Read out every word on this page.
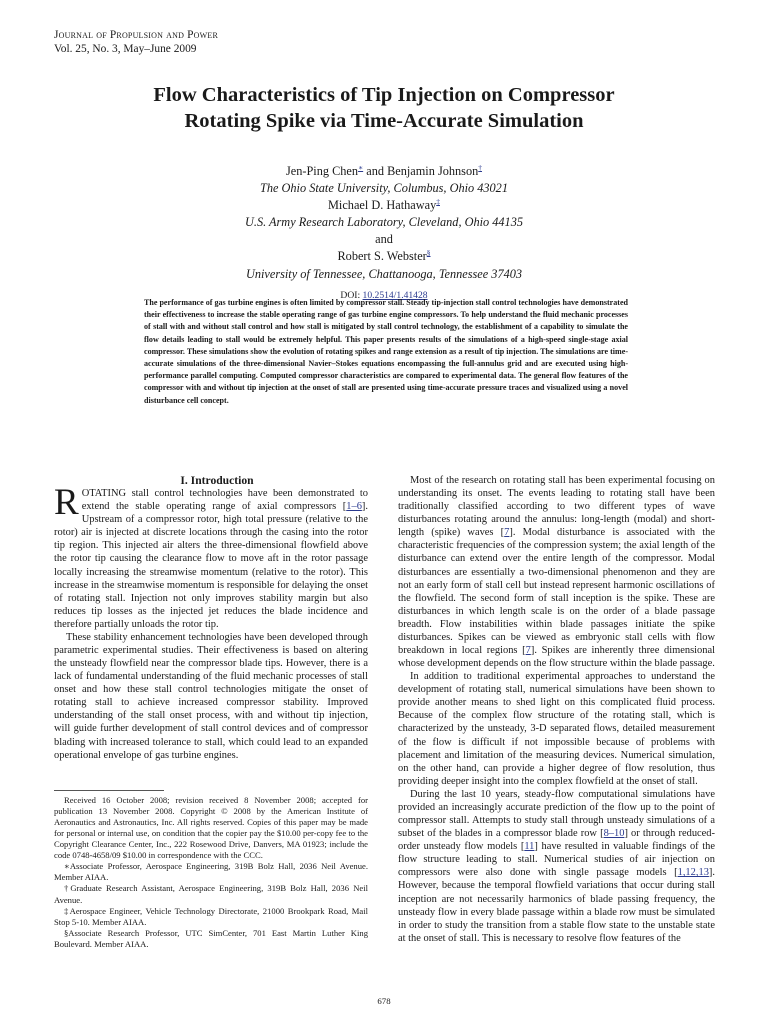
Journal of Propulsion and Power
Vol. 25, No. 3, May–June 2009
Flow Characteristics of Tip Injection on Compressor
Rotating Spike via Time-Accurate Simulation
Jen-Ping Chen∗ and Benjamin Johnson†
The Ohio State University, Columbus, Ohio 43021
Michael D. Hathaway‡
U.S. Army Research Laboratory, Cleveland, Ohio 44135
and
Robert S. Webster§
University of Tennessee, Chattanooga, Tennessee 37403
DOI: 10.2514/1.41428
The performance of gas turbine engines is often limited by compressor stall. Steady tip-injection stall control technologies have demonstrated their effectiveness to increase the stable operating range of gas turbine engine compressors. To help understand the fluid mechanic processes of stall with and without stall control and how stall is mitigated by stall control technology, the establishment of a capability to simulate the flow details leading to stall would be extremely helpful. This paper presents results of the simulations of a high-speed single-stage axial compressor. These simulations show the evolution of rotating spikes and range extension as a result of tip injection. The simulations are time-accurate simulations of the three-dimensional Navier–Stokes equations encompassing the full-annulus grid and are executed using high-performance parallel computing. Computed compressor characteristics are compared to experimental data. The general flow features of the compressor with and without tip injection at the onset of stall are presented using time-accurate pressure traces and visualized using a novel disturbance cell concept.

I. Introduction

ROTATING stall control technologies have been demonstrated to extend the stable operating range of axial compressors [1–6]. Upstream of a compressor rotor, high total pressure (relative to the rotor) air is injected at discrete locations through the casing into the rotor tip region. This injected air alters the three-dimensional flowfield above the rotor tip causing the clearance flow to move aft in the rotor passage locally increasing the streamwise momentum (relative to the rotor). This increase in the streamwise momentum is responsible for delaying the onset of rotating stall. Injection not only improves stability margin but also reduces tip losses as the injected jet reduces the blade incidence and therefore partially unloads the rotor tip.

These stability enhancement technologies have been developed through parametric experimental studies. Their effectiveness is based on altering the unsteady flowfield near the compressor blade tips. However, there is a lack of fundamental understanding of the fluid mechanic processes of stall onset and how these stall control technologies mitigate the onset of rotating stall to achieve increased compressor stability. Improved understanding of the stall onset process, with and without tip injection, will guide further development of stall control devices and of compressor blading with increased tolerance to stall, which could lead to an expanded operational envelope of gas turbine engines.

Received 16 October 2008; revision received 8 November 2008; accepted for publication 13 November 2008. Copyright © 2008 by the American Institute of Aeronautics and Astronautics, Inc. All rights reserved. Copies of this paper may be made for personal or internal use, on condition that the copier pay the $10.00 per-copy fee to the Copyright Clearance Center, Inc., 222 Rosewood Drive, Danvers, MA 01923; include the code 0748-4658/09 $10.00 in correspondence with the CCC.

∗Associate Professor, Aerospace Engineering, 319B Bolz Hall, 2036 Neil Avenue. Member AIAA.

†Graduate Research Assistant, Aerospace Engineering, 319B Bolz Hall, 2036 Neil Avenue.

‡Aerospace Engineer, Vehicle Technology Directorate, 21000 Brookpark Road, Mail Stop 5-10. Member AIAA.

§Associate Research Professor, UTC SimCenter, 701 East Martin Luther King Boulevard. Member AIAA.

Most of the research on rotating stall has been experimental focusing on understanding its onset. The events leading to rotating stall have been traditionally classified according to two different types of wave disturbances rotating around the annulus: long-length (modal) and short-length (spike) waves [7]. Modal disturbance is associated with the characteristic frequencies of the compression system; the axial length of the disturbance can extend over the entire length of the compressor. Modal disturbances are essentially a two-dimensional phenomenon and they are not an early form of stall cell but instead represent harmonic oscillations of the flowfield. The second form of stall inception is the spike. These are disturbances in which length scale is on the order of a blade passage breadth. Flow instabilities within blade passages initiate the spike disturbances. Spikes can be viewed as embryonic stall cells with flow breakdown in local regions [7]. Spikes are inherently three dimensional whose development depends on the flow structure within the blade passage.

In addition to traditional experimental approaches to understand the development of rotating stall, numerical simulations have been shown to provide another means to shed light on this complicated fluid process. Because of the complex flow structure of the rotating stall, which is characterized by the unsteady, 3-D separated flows, detailed measurement of the flow is difficult if not impossible because of problems with placement and limitation of the measuring devices. Numerical simulation, on the other hand, can provide a higher degree of flow resolution, thus providing deeper insight into the complex flowfield at the onset of stall.

During the last 10 years, steady-flow computational simulations have provided an increasingly accurate prediction of the flow up to the point of compressor stall. Attempts to study stall through unsteady simulations of a subset of the blades in a compressor blade row [8–10] or through reduced-order unsteady flow models [11] have resulted in valuable findings of the flow structure leading to stall. Numerical studies of air injection on compressors were also done with single passage models [1,12,13]. However, because the temporal flowfield variations that occur during stall inception are not necessarily harmonics of blade passing frequency, the unsteady flow in every blade passage within a blade row must be simulated in order to study the transition from a stable flow state to the unstable state at the onset of stall. This is necessary to resolve flow features of the

678
